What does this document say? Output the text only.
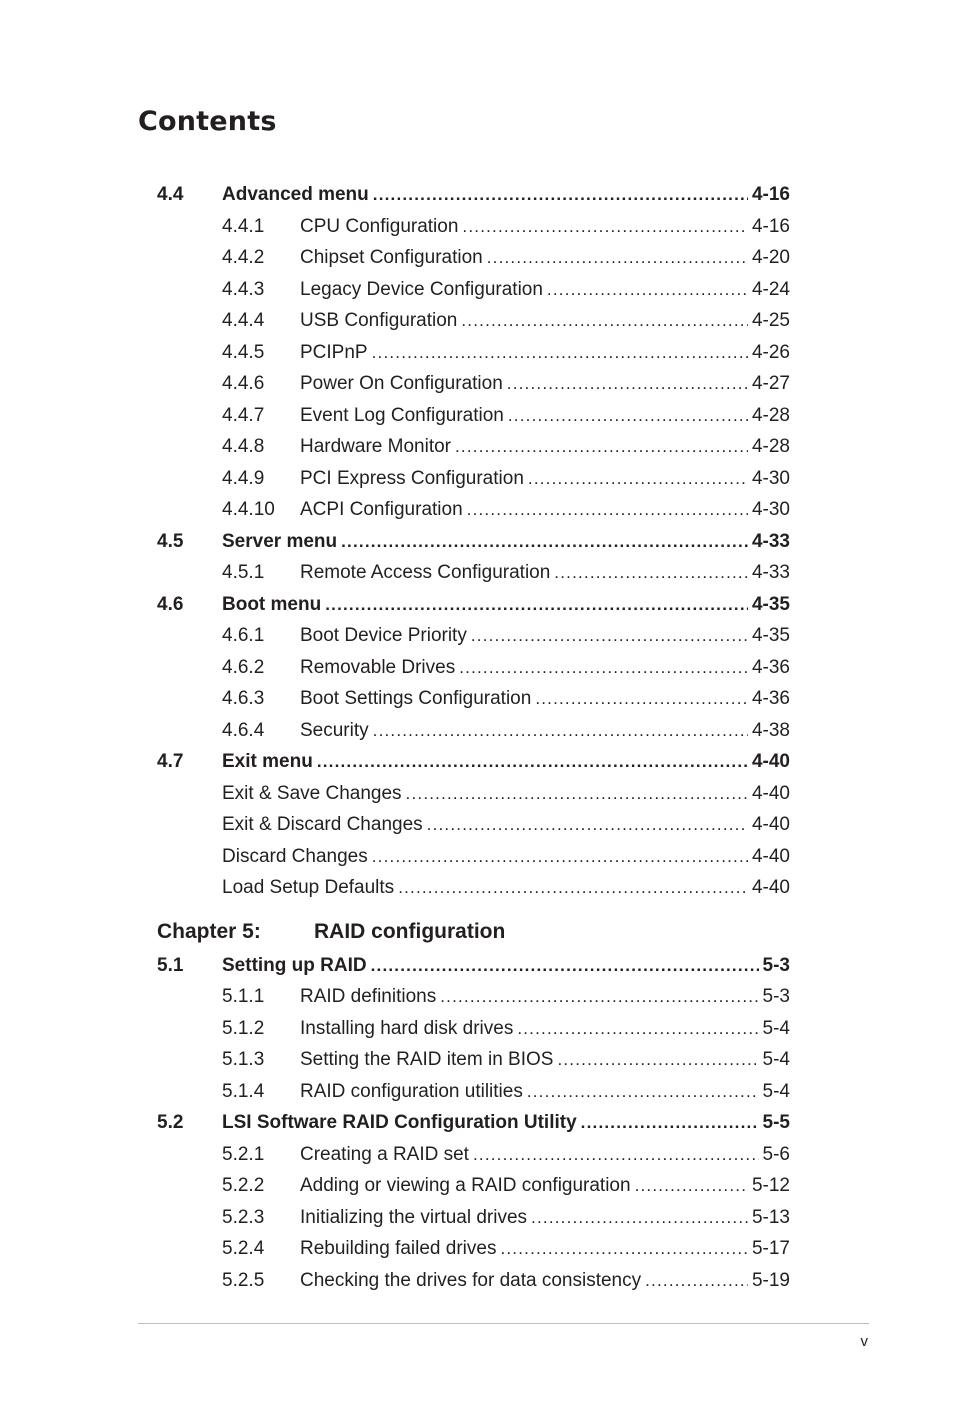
Contents
4.4 Advanced menu .....	4-16
4.4.1 CPU Configuration .....	4-16
4.4.2 Chipset Configuration .....	4-20
4.4.3 Legacy Device Configuration .....	4-24
4.4.4 USB Configuration .....	4-25
4.4.5 PCIPnP .....	4-26
4.4.6 Power On Configuration .....	4-27
4.4.7 Event Log Configuration .....	4-28
4.4.8 Hardware Monitor .....	4-28
4.4.9 PCI Express Configuration .....	4-30
4.4.10 ACPI Configuration .....	4-30
4.5 Server menu .....	4-33
4.5.1 Remote Access Configuration .....	4-33
4.6 Boot menu .....	4-35
4.6.1 Boot Device Priority .....	4-35
4.6.2 Removable Drives .....	4-36
4.6.3 Boot Settings Configuration .....	4-36
4.6.4 Security .....	4-38
4.7 Exit menu .....	4-40
Exit & Save Changes .....	4-40
Exit & Discard Changes .....	4-40
Discard Changes .....	4-40
Load Setup Defaults .....	4-40
Chapter 5:	RAID configuration
5.1 Setting up RAID .....	5-3
5.1.1 RAID definitions .....	5-3
5.1.2 Installing hard disk drives .....	5-4
5.1.3 Setting the RAID item in BIOS .....	5-4
5.1.4 RAID configuration utilities .....	5-4
5.2 LSI Software RAID Configuration Utility .....	5-5
5.2.1 Creating a RAID set .....	5-6
5.2.2 Adding or viewing a RAID configuration .....	5-12
5.2.3 Initializing the virtual drives .....	5-13
5.2.4 Rebuilding failed drives .....	5-17
5.2.5 Checking the drives for data consistency .....	5-19
v
